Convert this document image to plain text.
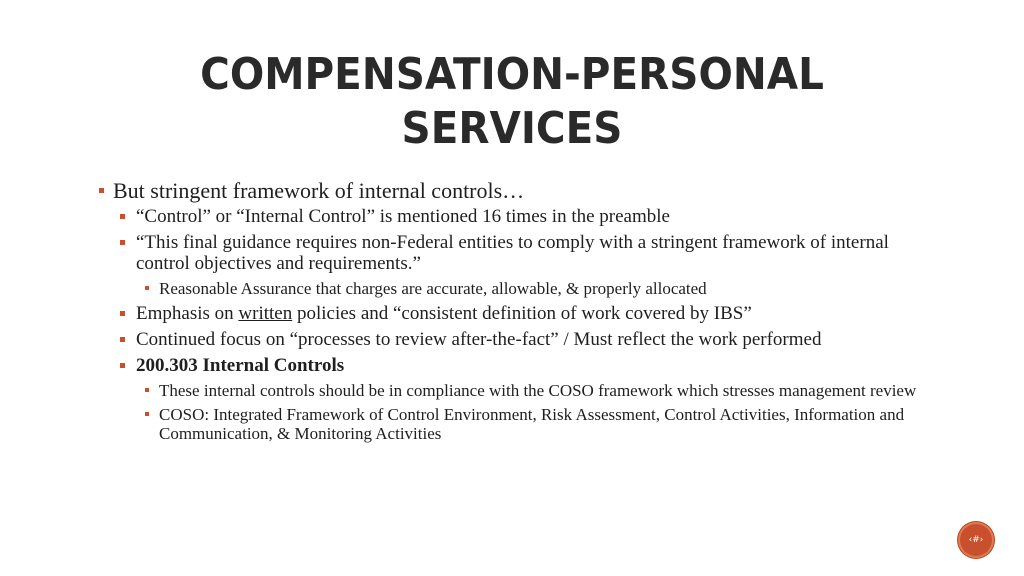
COMPENSATION-PERSONAL
SERVICES

But stringent framework of internal controls…

“Control” or “Internal Control” is mentioned 16 times in the preamble

“This final guidance requires non-Federal entities to comply with a stringent framework of internal control objectives and requirements.”

Reasonable Assurance that charges are accurate, allowable, & properly allocated

Emphasis on written policies and “consistent definition of work covered by IBS”

Continued focus on “processes to review after-the-fact” / Must reflect the work performed

200.303 Internal Controls

These internal controls should be in compliance with the COSO framework which stresses management review

COSO: Integrated Framework of Control Environment, Risk Assessment, Control Activities, Information and Communication, & Monitoring Activities

‹#›
